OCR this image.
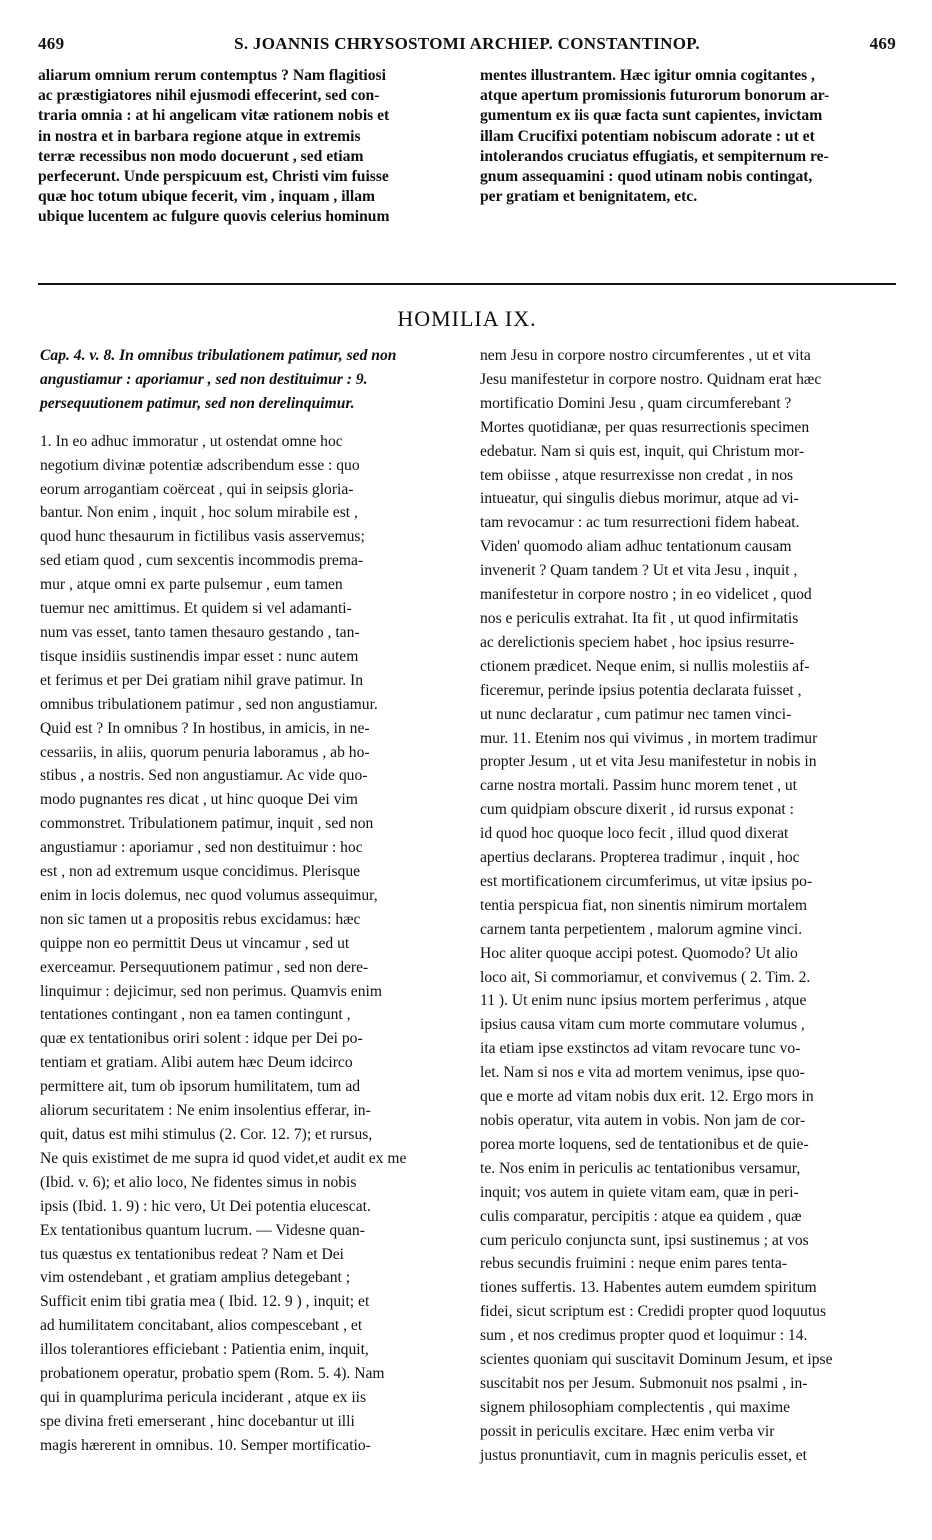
469	S. JOANNIS CHRYSOSTOMI ARCHIEP. CONSTANTINOP.	469
aliarum omnium rerum contemptus ? Nam flagitiosi
ac præstigiatores nihil ejusmodi effecerint, sed con-
traria omnia : at hi angelicam vitæ rationem nobis et
in nostra et in barbara regione atque in extremis
terræ recessibus non modo docuerunt , sed etiam
perfecerunt. Unde perspicuum est, Christi vim fuisse
quæ hoc totum ubique fecerit, vim , inquam , illam
ubique lucentem ac fulgure quovis celerius hominum
mentes illustrantem. Hæc igitur omnia cogitantes ,
atque apertum promissionis futurorum bonorum ar-
gumentum ex iis quæ facta sunt capientes, invictam
illam Crucifixi potentiam nobiscum adorate : ut et
intolerandos cruciatus effugiatis, et sempiternum re-
gnum assequamini : quod utinam nobis contingat,
per gratiam et benignitatem, etc.
HOMILIA IX.
Cap. 4. v. 8. In omnibus tribulationem patimur, sed non
angustiamur : aporiamur , sed non destituimur : 9.
persequutionem patimur, sed non derelinquimur.
1. In eo adhuc immoratur , ut ostendat omne hoc
negotium divinæ potentiæ adscribendum esse : quo
eorum arrogantiam coërceat , qui in seipsis gloria-
bantur. Non enim , inquit , hoc solum mirabile est ,
quod hunc thesaurum in fictilibus vasis asservemus;
sed etiam quod , cum sexcentis incommodis prema-
mur , atque omni ex parte pulsemur , eum tamen
tuemur nec amittimus. Et quidem si vel adamanti-
num vas esset, tanto tamen thesauro gestando , tan-
tisque insidiis sustinendis impar esset : nunc autem
et ferimus et per Dei gratiam nihil grave patimur. In
omnibus tribulationem patimur , sed non angustiamur.
Quid est ? In omnibus ? In hostibus, in amicis, in ne-
cessariis, in aliis, quorum penuria laboramus , ab ho-
stibus , a nostris. Sed non angustiamur. Ac vide quo-
modo pugnantes res dicat , ut hinc quoque Dei vim
commonstret. Tribulationem patimur, inquit , sed non
angustiamur : aporiamur , sed non destituimur : hoc
est , non ad extremum usque concidimus. Plerisque
enim in locis dolemus, nec quod volumus assequimur,
non sic tamen ut a propositis rebus excidamus: hæc
quippe non eo permittit Deus ut vincamur , sed ut
exerceamur. Persequutionem patimur , sed non dere-
linquimur : dejicimur, sed non perimus. Quamvis enim
tentationes contingant , non ea tamen contingunt ,
quæ ex tentationibus oriri solent : idque per Dei po-
tentiam et gratiam. Alibi autem hæc Deum idcirco
permittere ait, tum ob ipsorum humilitatem, tum ad
aliorum securitatem : Ne enim insolentius efferar, in-
quit, datus est mihi stimulus (2. Cor. 12. 7); et rursus,
Ne quis existimet de me supra id quod videt,et audit ex me
(Ibid. v. 6); et alio loco, Ne fidentes simus in nobis
ipsis (Ibid. 1. 9) : hic vero, Ut Dei potentia elucescat.
Ex tentationibus quantum lucrum. — Videsne quan-
tus quæstus ex tentationibus redeat ? Nam et Dei
vim ostendebant , et gratiam amplius detegebant ;
Sufficit enim tibi gratia mea ( Ibid. 12. 9 ) , inquit; et
ad humilitatem concitabant, alios compescebant , et
illos tolerantiores efficiebant : Patientia enim, inquit,
probationem operatur, probatio spem (Rom. 5. 4). Nam
qui in quamplurima pericula inciderant , atque ex iis
spe divina freti emerserant , hinc docebantur ut illi
magis hærerent in omnibus. 10. Semper mortificatio-
nem Jesu in corpore nostro circumferentes , ut et vita
Jesu manifestetur in corpore nostro. Quidnam erat hæc
mortificatio Domini Jesu , quam circumferebant ?
Mortes quotidianæ, per quas resurrectionis specimen
edebatur. Nam si quis est, inquit, qui Christum mor-
tem obiisse , atque resurrexisse non credat , in nos
intueatur, qui singulis diebus morimur, atque ad vi-
tam revocamur : ac tum resurrectioni fidem habeat.
Viden' quomodo aliam adhuc tentationum causam
invenerit ? Quam tandem ? Ut et vita Jesu , inquit ,
manifestetur in corpore nostro ; in eo videlicet , quod
nos e periculis extrahat. Ita fit , ut quod infirmitatis
ac derelictionis speciem habet , hoc ipsius resurre-
ctionem prædicet. Neque enim, si nullis molestiis af-
ficeremur, perinde ipsius potentia declarata fuisset ,
ut nunc declaratur , cum patimur nec tamen vinci-
mur. 11. Etenim nos qui vivimus , in mortem tradimur
propter Jesum , ut et vita Jesu manifestetur in nobis in
carne nostra mortali. Passim hunc morem tenet , ut
cum quidpiam obscure dixerit , id rursus exponat :
id quod hoc quoque loco fecit , illud quod dixerat
apertius declarans. Propterea tradimur , inquit , hoc
est mortificationem circumferimus, ut vitæ ipsius po-
tentia perspicua fiat, non sinentis nimirum mortalem
carnem tanta perpetientem , malorum agmine vinci.
Hoc aliter quoque accipi potest. Quomodo? Ut alio
loco ait, Si commoriamur, et convivemus ( 2. Tim. 2.
11 ). Ut enim nunc ipsius mortem perferimus , atque
ipsius causa vitam cum morte commutare volumus ,
ita etiam ipse exstinctos ad vitam revocare tunc vo-
let. Nam si nos e vita ad mortem venimus, ipse quo-
que e morte ad vitam nobis dux erit. 12. Ergo mors in
nobis operatur, vita autem in vobis. Non jam de cor-
porea morte loquens, sed de tentationibus et de quie-
te. Nos enim in periculis ac tentationibus versamur,
inquit; vos autem in quiete vitam eam, quæ in peri-
culis comparatur, percipitis : atque ea quidem , quæ
cum periculo conjuncta sunt, ipsi sustinemus ; at vos
rebus secundis fruimini : neque enim pares tenta-
tiones suffertis. 13. Habentes autem eumdem spiritum
fidei, sicut scriptum est : Credidi propter quod loquutus
sum , et nos credimus propter quod et loquimur : 14.
scientes quoniam qui suscitavit Dominum Jesum, et ipse
suscitabit nos per Jesum. Submonuit nos psalmi , in-
signem philosophiam complectentis , qui maxime
possit in periculis excitare. Hæc enim verba vir
justus pronuntiavit, cum in magnis periculis esset, et
